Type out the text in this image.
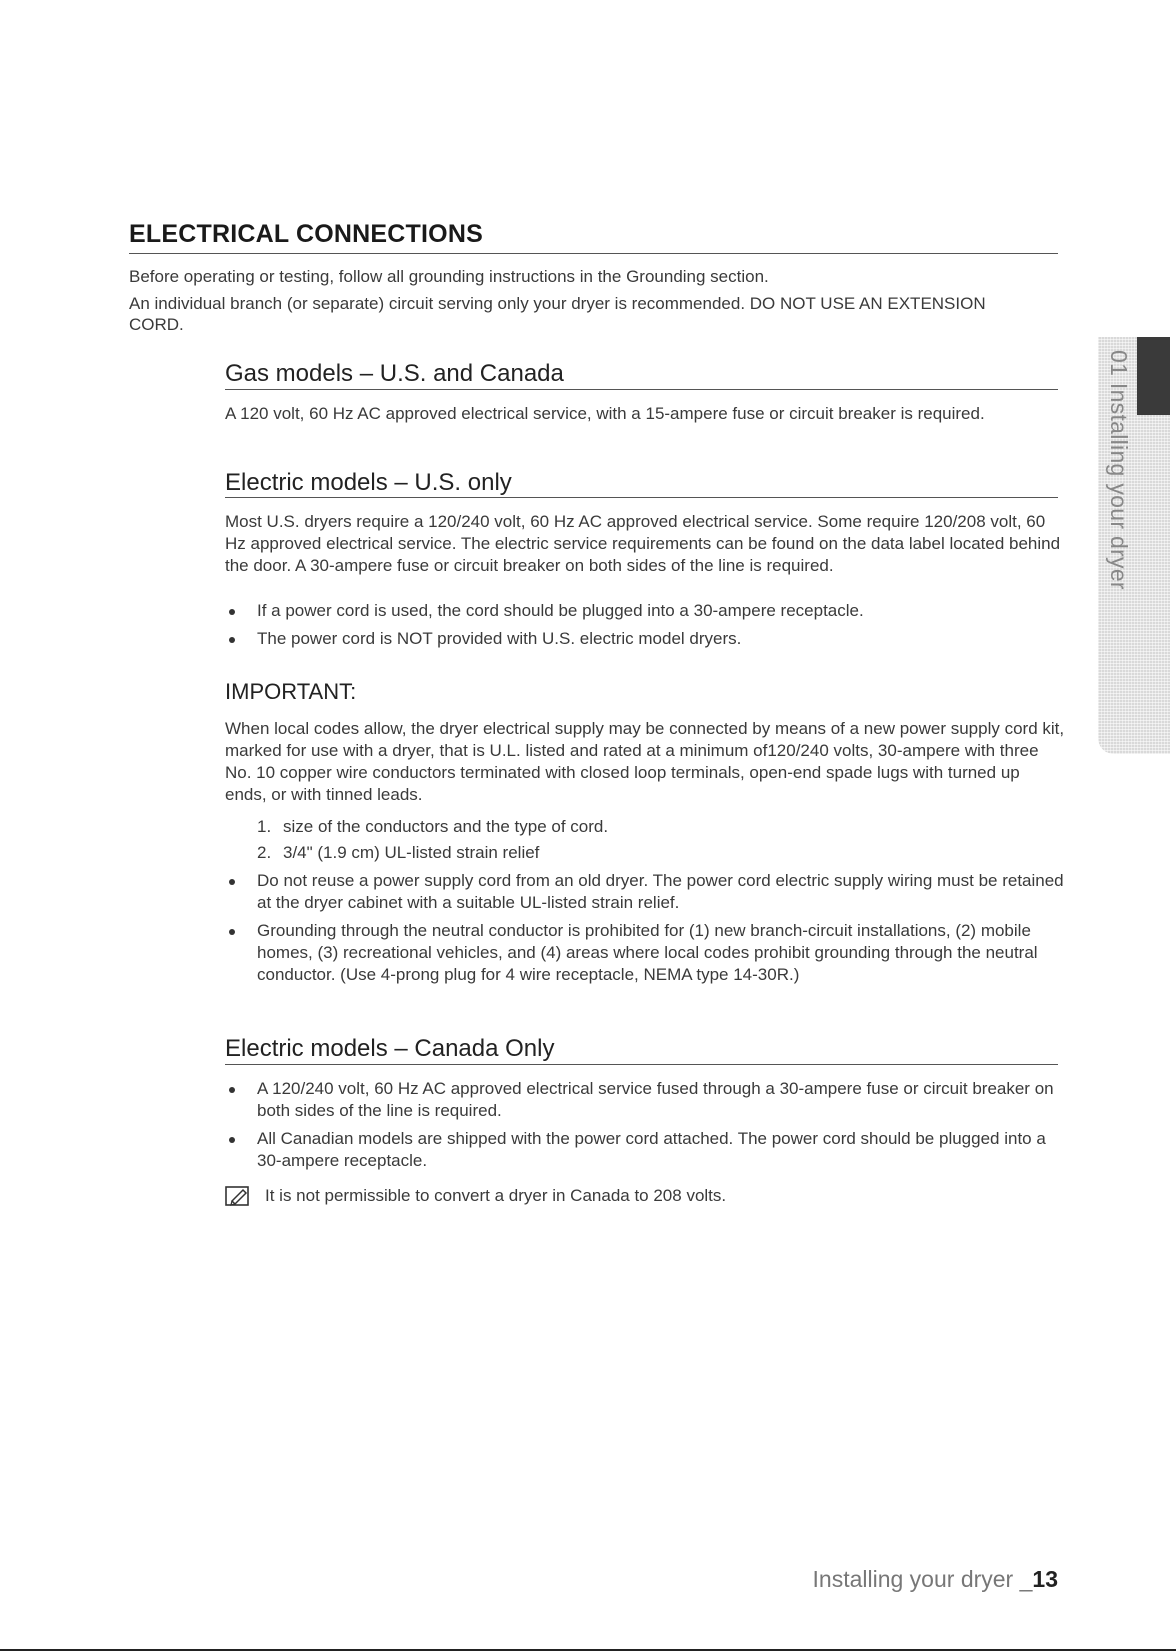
ELECTRICAL CONNECTIONS

Before operating or testing, follow all grounding instructions in the Grounding section.

An individual branch (or separate) circuit serving only your dryer is recommended. DO NOT USE AN EXTENSION CORD.

Gas models – U.S. and Canada

A 120 volt, 60 Hz AC approved electrical service, with a 15-ampere fuse or circuit breaker is required.

Electric models – U.S. only

Most U.S. dryers require a 120/240 volt, 60 Hz AC approved electrical service. Some require 120/208 volt, 60 Hz approved electrical service. The electric service requirements can be found on the data label located behind the door. A 30-ampere fuse or circuit breaker on both sides of the line is required.

If a power cord is used, the cord should be plugged into a 30-ampere receptacle.
The power cord is NOT provided with U.S. electric model dryers.
IMPORTANT:

When local codes allow, the dryer electrical supply may be connected by means of a new power supply cord kit, marked for use with a dryer, that is U.L. listed and rated at a minimum of120/240 volts, 30-ampere with three No. 10 copper wire conductors terminated with closed loop terminals, open-end spade lugs with turned up ends, or with tinned leads.

1. size of the conductors and the type of cord.
2. 3/4" (1.9 cm) UL-listed strain relief
Do not reuse a power supply cord from an old dryer. The power cord electric supply wiring must be retained at the dryer cabinet with a suitable UL-listed strain relief.
Grounding through the neutral conductor is prohibited for (1) new branch-circuit installations, (2) mobile homes, (3) recreational vehicles, and (4) areas where local codes prohibit grounding through the neutral conductor. (Use 4-prong plug for 4 wire receptacle, NEMA type 14-30R.)
Electric models – Canada Only
A 120/240 volt, 60 Hz AC approved electrical service fused through a 30-ampere fuse or circuit breaker on both sides of the line is required.
All Canadian models are shipped with the power cord attached. The power cord should be plugged into a 30-ampere receptacle.
It is not permissible to convert a dryer in Canada to 208 volts.
01 Installing your dryer

Installing your dryer _13
